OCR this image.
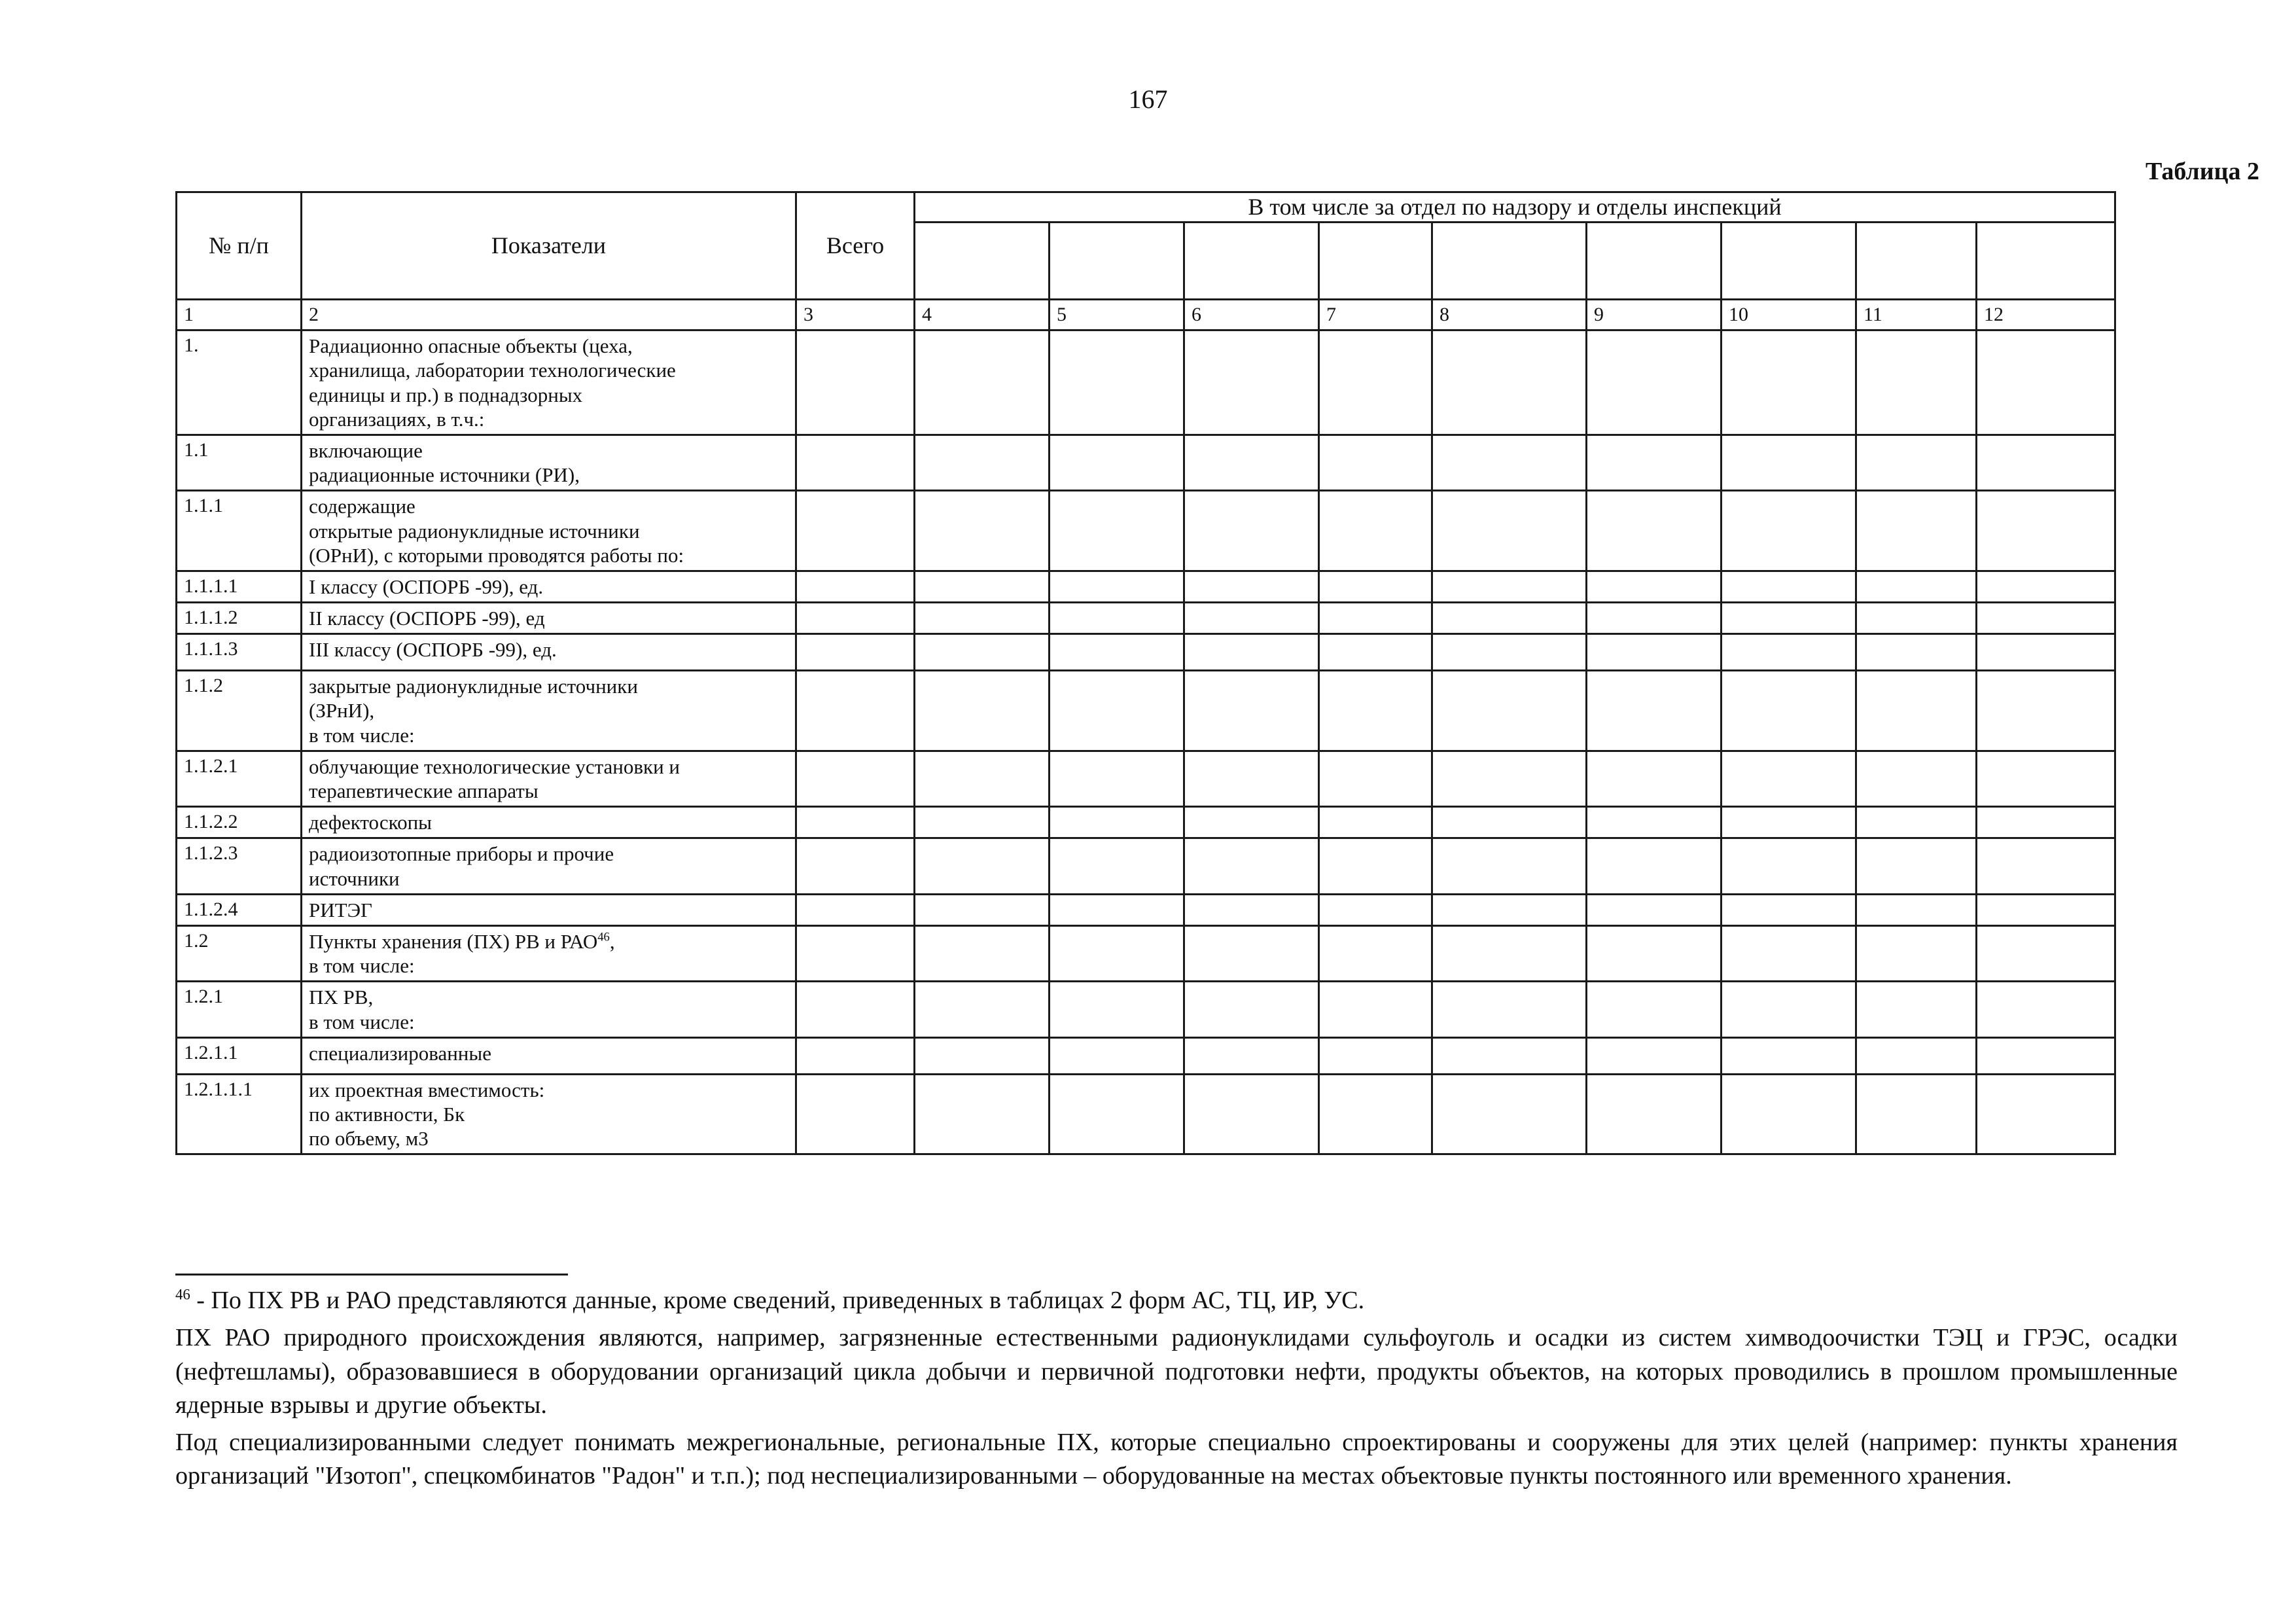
167
Таблица 2
№ п/п	Показатели	Всего	В том числе за отдел по надзору и отделы инспекций								

1	2	3	4	5	6	7	8	9	10	11	12
1.	Радиационно опасные объекты (цеха,
хранилища, лаборатории технологические
единицы и пр.) в поднадзорных
организациях, в т.ч.:										

1.1	включающие
радиационные источники (РИ),										

1.1.1	содержащие
открытые радионуклидные источники
(ОРнИ), с которыми проводятся работы по:										

1.1.1.1	I классу (ОСПОРБ -99), ед.										

1.1.1.2	II классу (ОСПОРБ -99), ед										

1.1.1.3	III классу (ОСПОРБ -99), ед.										

1.1.2	закрытые радионуклидные источники
(ЗРнИ),
в том числе:										

1.1.2.1	облучающие технологические установки и
терапевтические аппараты										

1.1.2.2	дефектоскопы										

1.1.2.3	радиоизотопные приборы и прочие
источники										

1.1.2.4	РИТЭГ										

1.2	Пункты хранения (ПХ) РВ и РАО$^{46}$,
в том числе:										

1.2.1	ПХ РВ,
в том числе:										

1.2.1.1	специализированные										

1.2.1.1.1	их проектная вместимость:
по активности, Бк
по объему, м3										

$^{46}$ - По ПХ РВ и РАО представляются данные, кроме сведений, приведенных в таблицах 2 форм АС, ТЦ, ИР, УС.

ПХ РАО природного происхождения являются, например, загрязненные естественными радионуклидами сульфоуголь и осадки из систем химводоочистки ТЭЦ и ГРЭС, осадки (нефтешламы), образовавшиеся в оборудовании организаций цикла добычи и первичной подготовки нефти, продукты объектов, на которых проводились в прошлом промышленные ядерные взрывы и другие объекты.

Под специализированными следует понимать межрегиональные, региональные ПХ, которые специально спроектированы и сооружены для этих целей (например: пункты хранения организаций "Изотоп", спецкомбинатов "Радон" и т.п.); под неспециализированными – оборудованные на местах объектовые пункты постоянного или временного хранения.
